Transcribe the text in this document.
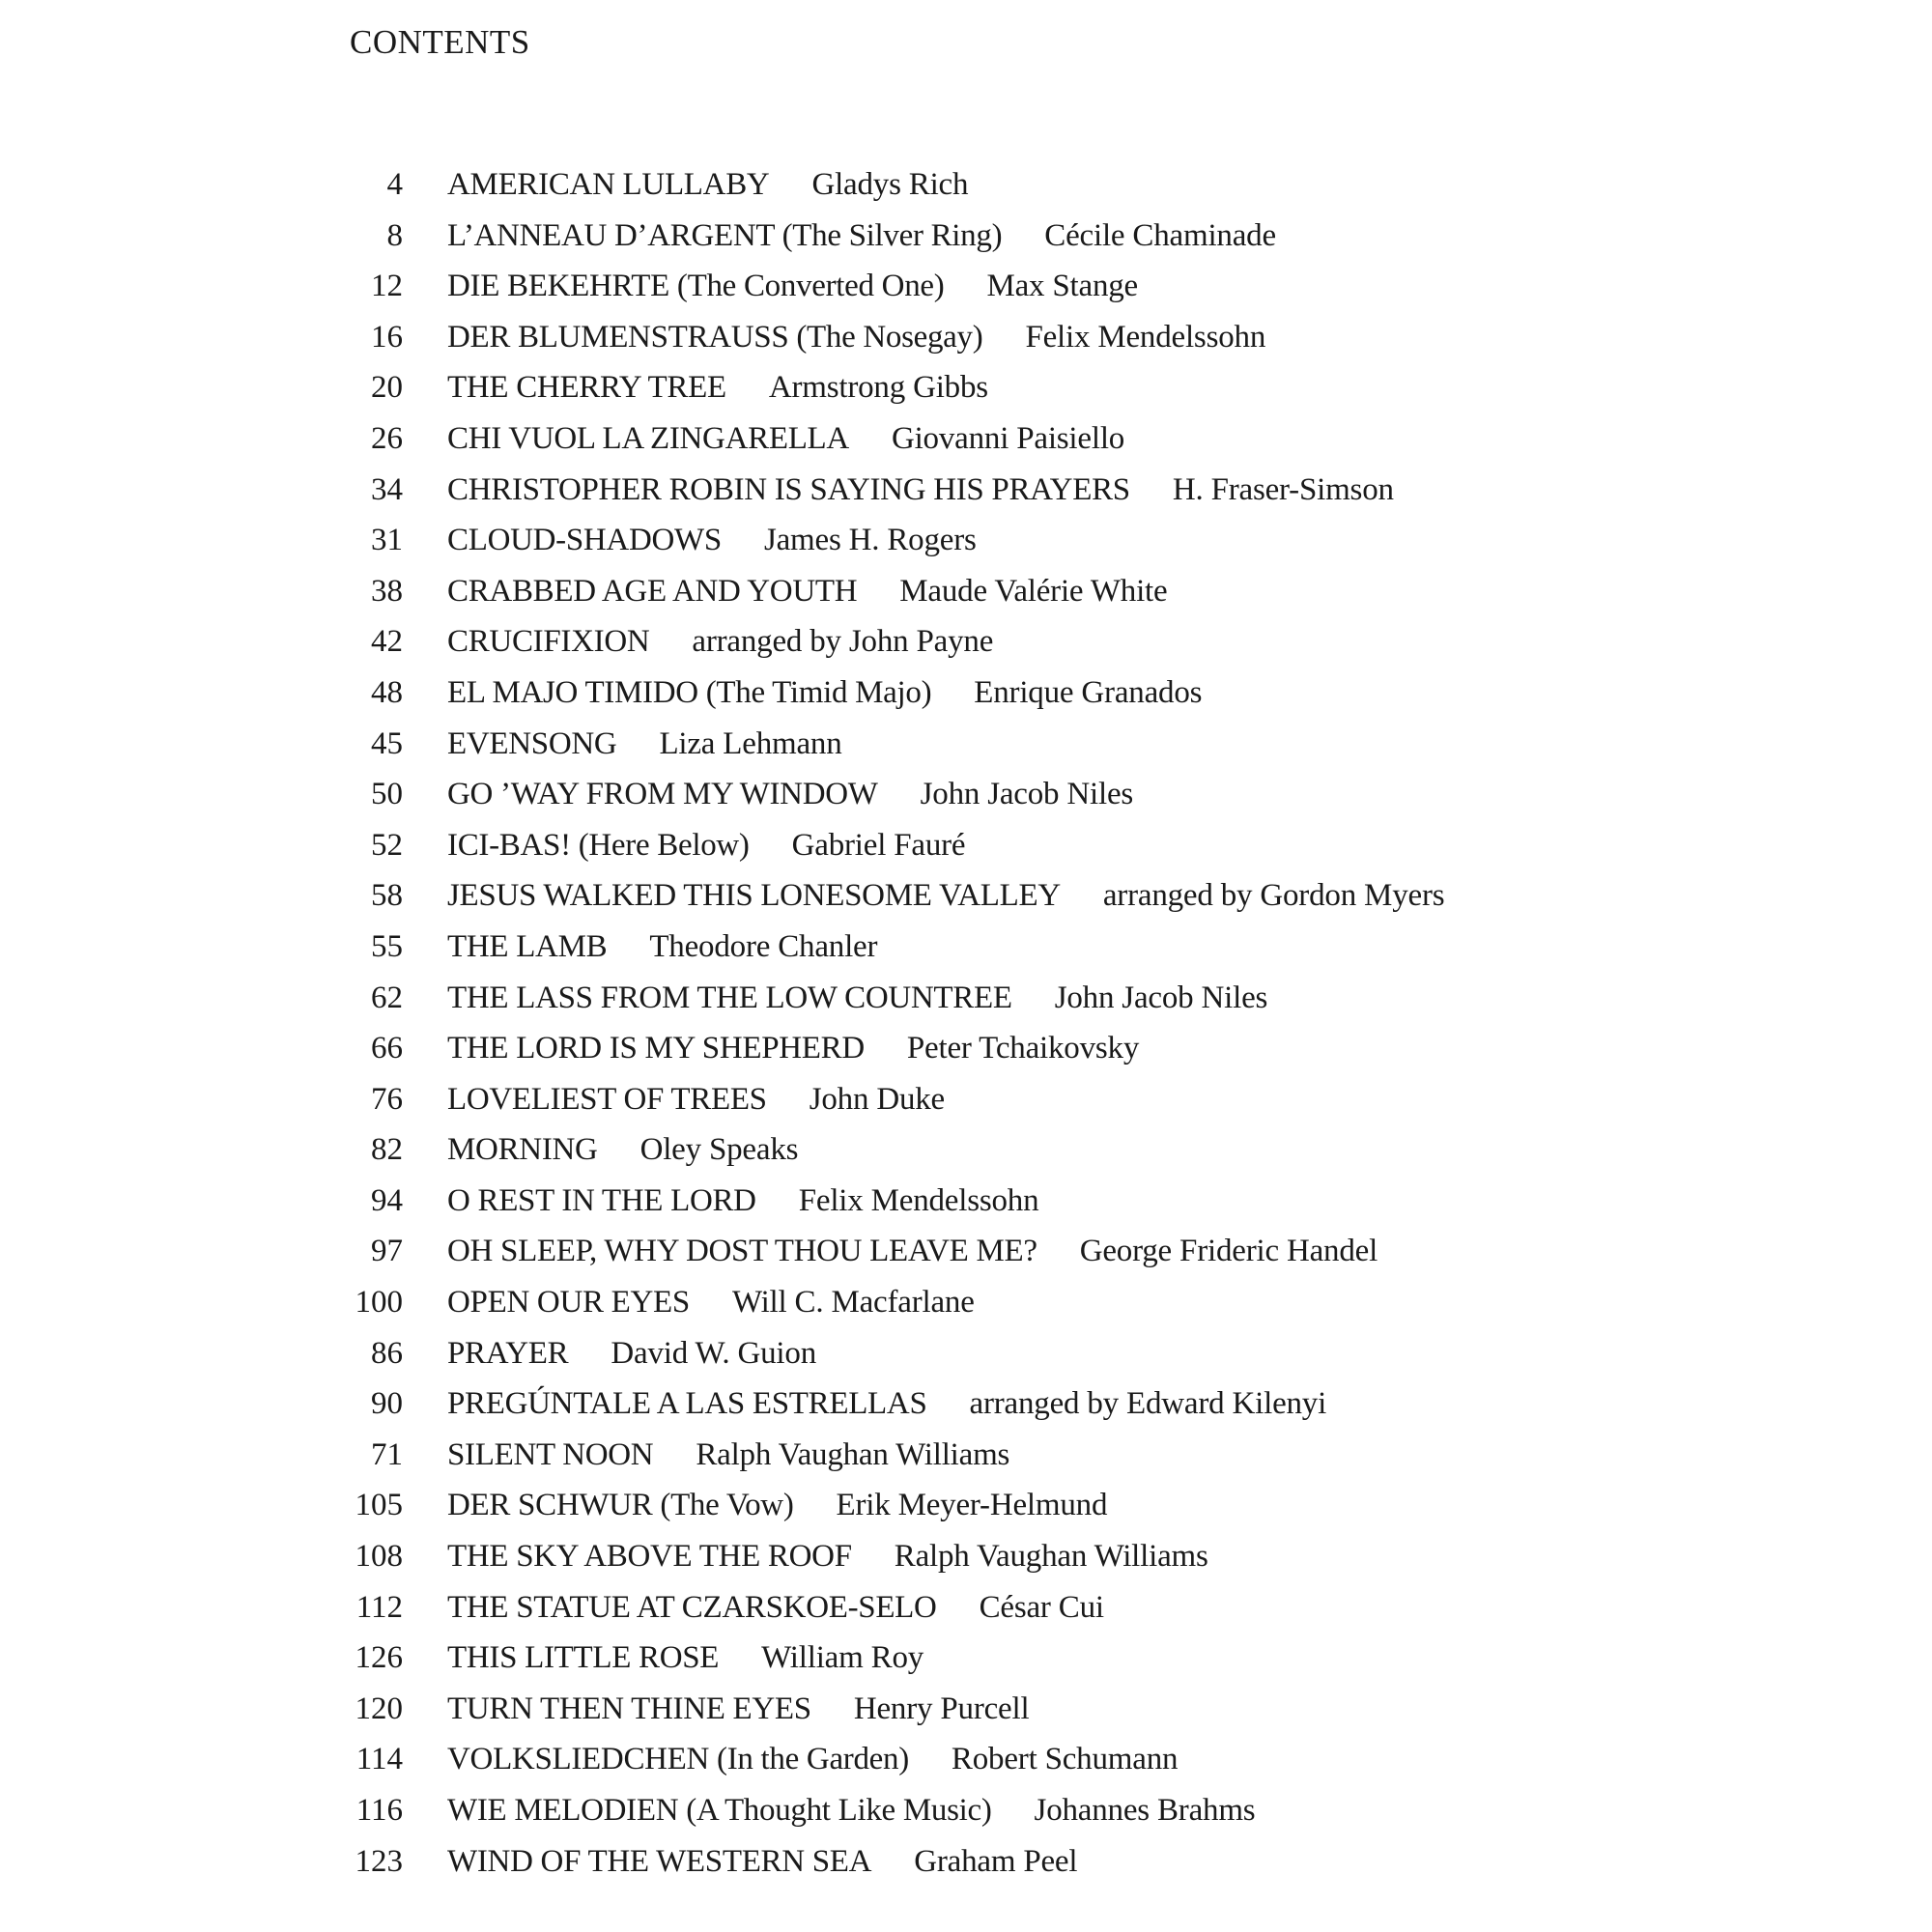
CONTENTS
4 AMERICAN LULLABY Gladys Rich
8 L’ANNEAU D’ARGENT (The Silver Ring) Cécile Chaminade
12 DIE BEKEHRTE (The Converted One) Max Stange
16 DER BLUMENSTRAUSS (The Nosegay) Felix Mendelssohn
20 THE CHERRY TREE Armstrong Gibbs
26 CHI VUOL LA ZINGARELLA Giovanni Paisiello
34 CHRISTOPHER ROBIN IS SAYING HIS PRAYERS H. Fraser-Simson
31 CLOUD-SHADOWS James H. Rogers
38 CRABBED AGE AND YOUTH Maude Valérie White
42 CRUCIFIXION arranged by John Payne
48 EL MAJO TIMIDO (The Timid Majo) Enrique Granados
45 EVENSONG Liza Lehmann
50 GO ’WAY FROM MY WINDOW John Jacob Niles
52 ICI-BAS! (Here Below) Gabriel Fauré
58 JESUS WALKED THIS LONESOME VALLEY arranged by Gordon Myers
55 THE LAMB Theodore Chanler
62 THE LASS FROM THE LOW COUNTREE John Jacob Niles
66 THE LORD IS MY SHEPHERD Peter Tchaikovsky
76 LOVELIEST OF TREES John Duke
82 MORNING Oley Speaks
94 O REST IN THE LORD Felix Mendelssohn
97 OH SLEEP, WHY DOST THOU LEAVE ME? George Frideric Handel
100 OPEN OUR EYES Will C. Macfarlane
86 PRAYER David W. Guion
90 PREGÚNTALE A LAS ESTRELLAS arranged by Edward Kilenyi
71 SILENT NOON Ralph Vaughan Williams
105 DER SCHWUR (The Vow) Erik Meyer-Helmund
108 THE SKY ABOVE THE ROOF Ralph Vaughan Williams
112 THE STATUE AT CZARSKOE-SELO César Cui
126 THIS LITTLE ROSE William Roy
120 TURN THEN THINE EYES Henry Purcell
114 VOLKSLIEDCHEN (In the Garden) Robert Schumann
116 WIE MELODIEN (A Thought Like Music) Johannes Brahms
123 WIND OF THE WESTERN SEA Graham Peel
